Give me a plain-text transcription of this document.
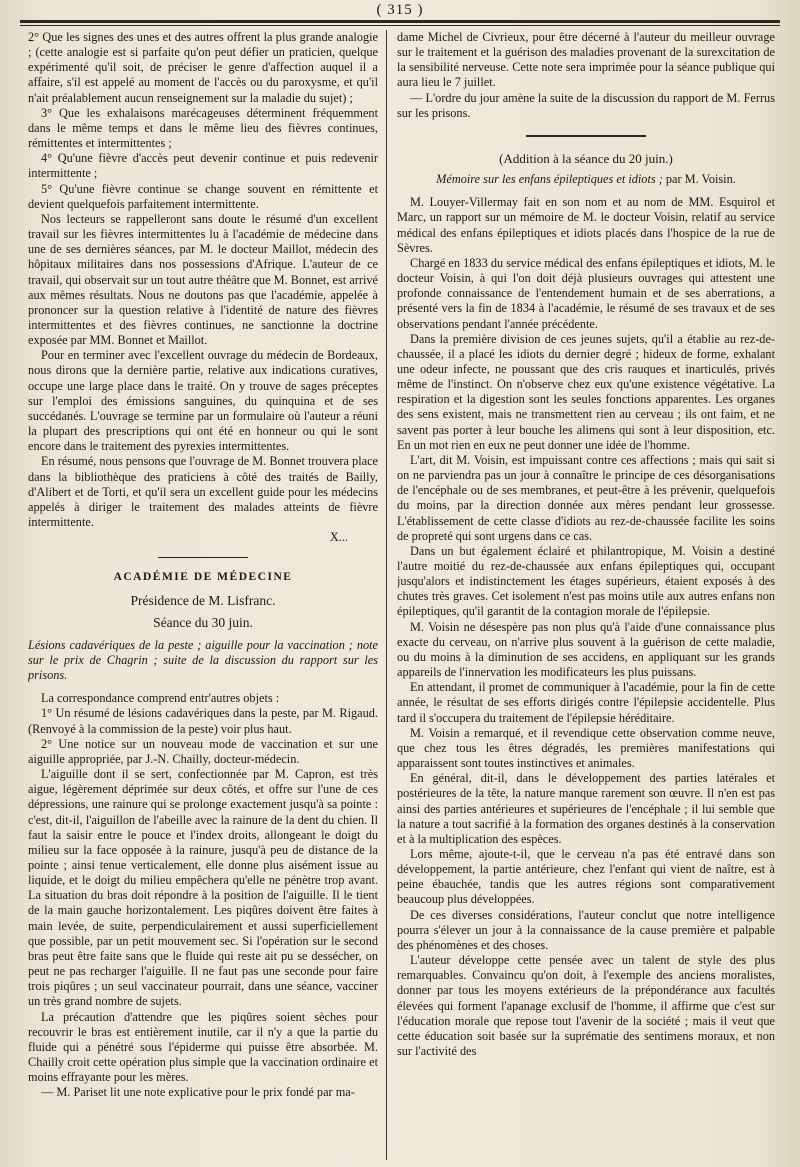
( 315 )

2° Que les signes des unes et des autres offrent la plus grande analogie ; (cette analogie est si parfaite qu'on peut défier un praticien, quelque expérimenté qu'il soit, de préciser le genre d'affection auquel il a affaire, s'il est appelé au moment de l'accès ou du paroxysme, et qu'il n'ait préalablement aucun renseignement sur la maladie du sujet) ;

3° Que les exhalaisons marécageuses déterminent fréquemment dans le même temps et dans le même lieu des fièvres continues, rémittentes et intermittentes ;

4° Qu'une fièvre d'accès peut devenir continue et puis redevenir intermittente ;

5° Qu'une fièvre continue se change souvent en rémittente et devient quelquefois parfaitement intermittente.

Nos lecteurs se rappelleront sans doute le résumé d'un excellent travail sur les fièvres intermittentes lu à l'académie de médecine dans une de ses dernières séances, par M. le docteur Maillot, médecin des hôpitaux militaires dans nos possessions d'Afrique. L'auteur de ce travail, qui observait sur un tout autre théâtre que M. Bonnet, est arrivé aux mêmes résultats. Nous ne doutons pas que l'académie, appelée à prononcer sur la question relative à l'identité de nature des fièvres intermittentes et des fièvres continues, ne sanctionne la doctrine exposée par MM. Bonnet et Maillot.

Pour en terminer avec l'excellent ouvrage du médecin de Bordeaux, nous dirons que la dernière partie, relative aux indications curatives, occupe une large place dans le traité. On y trouve de sages préceptes sur l'emploi des émissions sanguines, du quinquina et de ses succédanés. L'ouvrage se termine par un formulaire où l'auteur a réuni la plupart des prescriptions qui ont été en honneur ou qui le sont encore dans le traitement des pyrexies intermittentes.

En résumé, nous pensons que l'ouvrage de M. Bonnet trouvera place dans la bibliothèque des praticiens à côté des traités de Bailly, d'Alibert et de Torti, et qu'il sera un excellent guide pour les médecins appelés à diriger le traitement des malades atteints de fièvre intermittente.

X...

ACADÉMIE DE MÉDECINE
Présidence de M. Lisfranc.
Séance du 30 juin.

Lésions cadavériques de la peste ; aiguille pour la vaccination ; note sur le prix de Chagrin ; suite de la discussion du rapport sur les prisons.

La correspondance comprend entr'autres objets :

1° Un résumé de lésions cadavériques dans la peste, par M. Rigaud. (Renvoyé à la commission de la peste) voir plus haut.

2° Une notice sur un nouveau mode de vaccination et sur une aiguille appropriée, par J.-N. Chailly, docteur-médecin.

L'aiguille dont il se sert, confectionnée par M. Capron, est très aigue, légèrement déprimée sur deux côtés, et offre sur l'une de ces dépressions, une rainure qui se prolonge exactement jusqu'à sa pointe : c'est, dit-il, l'aiguillon de l'abeille avec la rainure de la dent du chien. Il faut la saisir entre le pouce et l'index droits, allongeant le doigt du milieu sur la face opposée à la rainure, jusqu'à peu de distance de la pointe ; ainsi tenue verticalement, elle donne plus aisément issue au liquide, et le doigt du milieu empêchera qu'elle ne pénètre trop avant. La situation du bras doit répondre à la position de l'aiguille. Il le tient de la main gauche horizontalement. Les piqûres doivent être faites à main levée, de suite, perpendiculairement et aussi superficiellement que possible, par un petit mouvement sec. Si l'opération sur le second bras peut être faite sans que le fluide qui reste ait pu se dessécher, on peut ne pas recharger l'aiguille. Il ne faut pas une seconde pour faire trois piqûres ; un seul vaccinateur pourrait, dans une séance, vacciner un très grand nombre de sujets.

La précaution d'attendre que les piqûres soient sèches pour recouvrir le bras est entièrement inutile, car il n'y a que la partie du fluide qui a pénétré sous l'épiderme qui puisse être absorbée. M. Chailly croit cette opération plus simple que la vaccination ordinaire et moins effrayante pour les mères.

— M. Pariset lit une note explicative pour le prix fondé par ma-

dame Michel de Civrieux, pour être décerné à l'auteur du meilleur ouvrage sur le traitement et la guérison des maladies provenant de la surexcitation de la sensibilité nerveuse. Cette note sera imprimée pour la séance publique qui aura lieu le 7 juillet.

— L'ordre du jour amène la suite de la discussion du rapport de M. Ferrus sur les prisons.

(Addition à la séance du 20 juin.)
Mémoire sur les enfans épileptiques et idiots ; par M. Voisin.

M. Louyer-Villermay fait en son nom et au nom de MM. Esquirol et Marc, un rapport sur un mémoire de M. le docteur Voisin, relatif au service médical des enfans épileptiques et idiots placés dans l'hospice de la rue de Sèvres.

Chargé en 1833 du service médical des enfans épileptiques et idiots, M. le docteur Voisin, à qui l'on doit déjà plusieurs ouvrages qui attestent une profonde connaissance de l'entendement humain et de ses aberrations, a présenté vers la fin de 1834 à l'académie, le résumé de ses travaux et de ses observations pendant l'année précédente.

Dans la première division de ces jeunes sujets, qu'il a établie au rez-de-chaussée, il a placé les idiots du dernier degré ; hideux de forme, exhalant une odeur infecte, ne poussant que des cris rauques et inarticulés, privés même de l'instinct. On n'observe chez eux qu'une existence végétative. La respiration et la digestion sont les seules fonctions apparentes. Les organes des sens existent, mais ne transmettent rien au cerveau ; ils ont faim, et ne savent pas porter à leur bouche les alimens qui sont à leur disposition, etc. En un mot rien en eux ne peut donner une idée de l'homme.

L'art, dit M. Voisin, est impuissant contre ces affections ; mais qui sait si on ne parviendra pas un jour à connaître le principe de ces désorganisations de l'encéphale ou de ses membranes, et peut-être à les prévenir, quelquefois du moins, par la direction donnée aux mères pendant leur grossesse. L'établissement de cette classe d'idiots au rez-de-chaussée facilite les soins de propreté qui sont urgens dans ce cas.

Dans un but également éclairé et philantropique, M. Voisin a destiné l'autre moitié du rez-de-chaussée aux enfans épileptiques qui, occupant jusqu'alors et indistinctement les étages supérieurs, étaient exposés à des chutes très graves. Cet isolement n'est pas moins utile aux autres enfans non épileptiques, qu'il garantit de la contagion morale de l'épilepsie.

M. Voisin ne désespère pas non plus qu'à l'aide d'une connaissance plus exacte du cerveau, on n'arrive plus souvent à la guérison de cette maladie, ou du moins à la diminution de ses accidens, en appliquant sur les grands appareils de l'innervation les modificateurs les plus puissans.

En attendant, il promet de communiquer à l'académie, pour la fin de cette année, le résultat de ses efforts dirigés contre l'épilepsie accidentelle. Plus tard il s'occupera du traitement de l'épilepsie héréditaire.

M. Voisin a remarqué, et il revendique cette observation comme neuve, que chez tous les êtres dégradés, les premières manifestations qui apparaissent sont toutes instinctives et animales.

En général, dit-il, dans le développement des parties latérales et postérieures de la tête, la nature manque rarement son œuvre. Il n'en est pas ainsi des parties antérieures et supérieures de l'encéphale ; il lui semble que la nature a tout sacrifié à la formation des organes destinés à la conservation et à la multiplication des espèces.

Lors même, ajoute-t-il, que le cerveau n'a pas été entravé dans son développement, la partie antérieure, chez l'enfant qui vient de naître, est à peine ébauchée, tandis que les autres régions sont comparativement beaucoup plus développées.

De ces diverses considérations, l'auteur conclut que notre intelligence pourra s'élever un jour à la connaissance de la cause première et palpable des phénomènes et des choses.

L'auteur développe cette pensée avec un talent de style des plus remarquables. Convaincu qu'on doit, à l'exemple des anciens moralistes, donner par tous les moyens extérieurs de la prépondérance aux facultés élevées qui forment l'apanage exclusif de l'homme, il affirme que c'est sur l'éducation morale que repose tout l'avenir de la société ; mais il veut que cette éducation soit basée sur la suprématie des sentimens moraux, et non sur l'activité des
